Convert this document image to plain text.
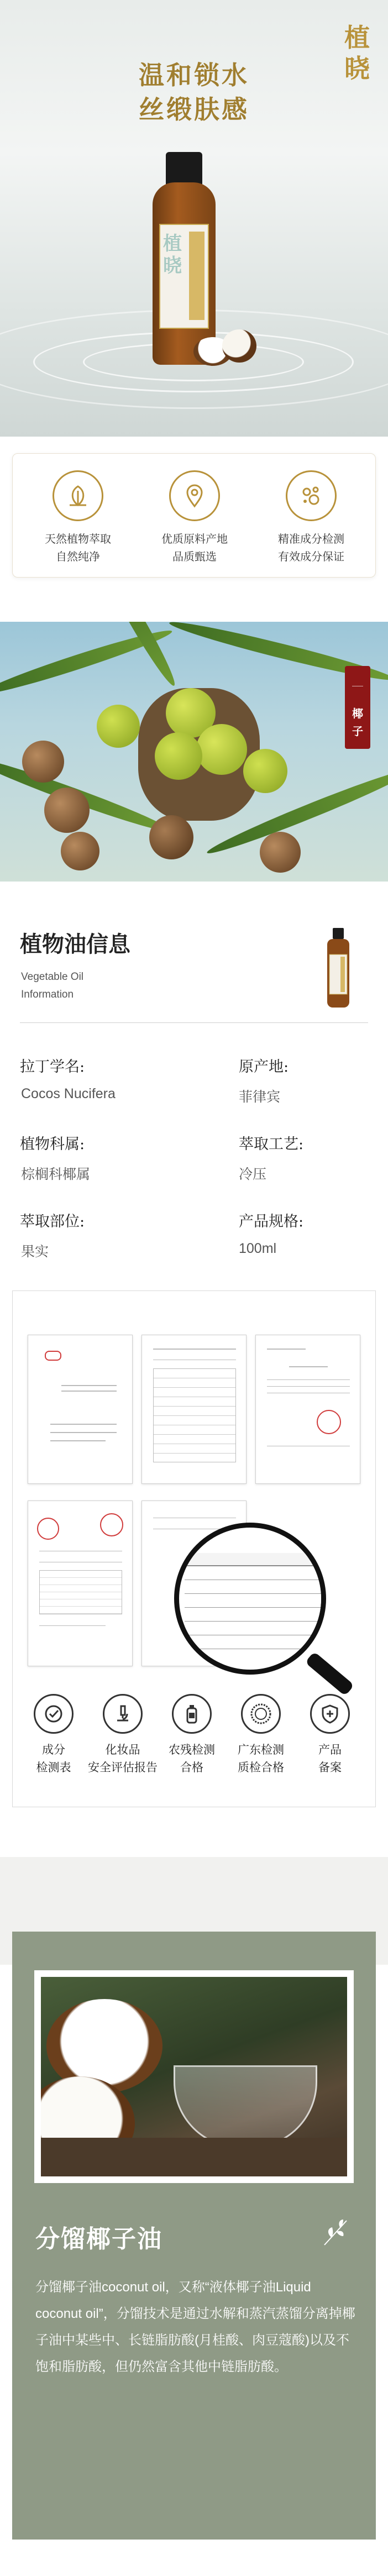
植
晓
温和锁水
丝缎肤感
植
晓
天然植物萃取
自然纯净
优质原料产地
品质甄选
精准成分检测
有效成分保证
椰子
植物油信息
Vegetable Oil
Information
拉丁学名:
Cocos Nucifera
原产地:
菲律宾
植物科属:
棕榈科椰属
萃取工艺:
冷压
萃取部位:
果实
产品规格:
100ml
成分
检测表
化妆品
安全评估报告
农残检测
合格
广东检测
质检合格
产品
备案
分馏椰子油
分馏椰子油coconut oil，又称“液体椰子油Liquid coconut oil”，分馏技术是通过水解和蒸汽蒸馏分离掉椰子油中某些中、长链脂肪酸(月桂酸、肉豆蔻酸)以及不饱和脂肪酸，但仍然富含其他中链脂肪酸。
